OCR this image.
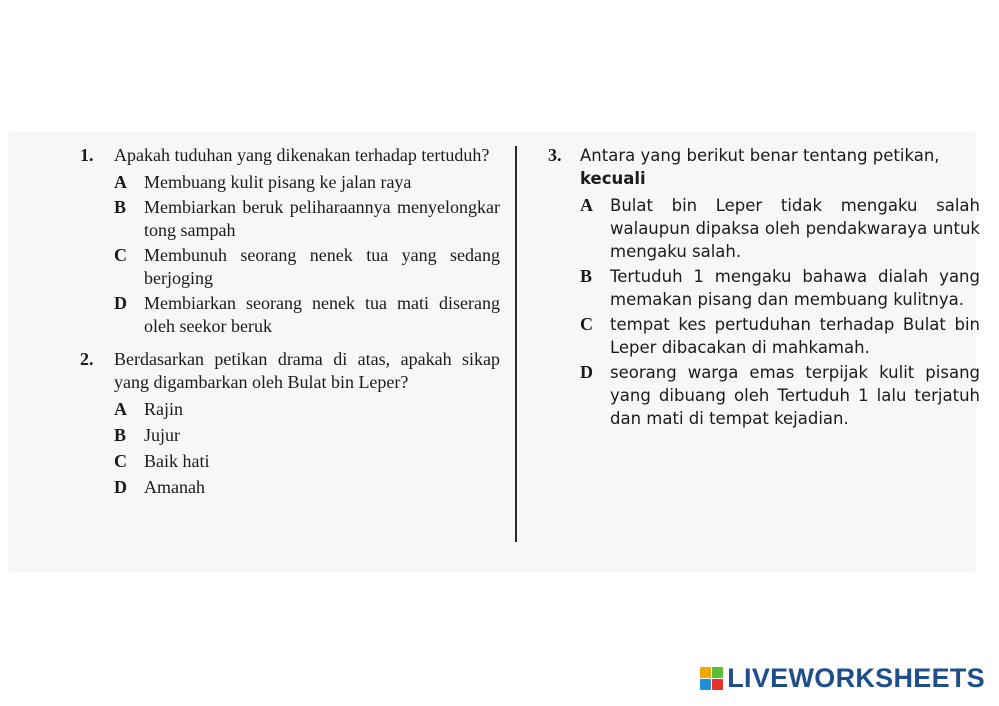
1. Apakah tuduhan yang dikenakan terhadap tertuduh?
A Membuang kulit pisang ke jalan raya
B Membiarkan beruk peliharaannya menyelongkar tong sampah
C Membunuh seorang nenek tua yang sedang berjoging
D Membiarkan seorang nenek tua mati diserang oleh seekor beruk
2. Berdasarkan petikan drama di atas, apakah sikap yang digambarkan oleh Bulat bin Leper?
A Rajin
B Jujur
C Baik hati
D Amanah
3. Antara yang berikut benar tentang petikan,
kecuali
A Bulat bin Leper tidak mengaku salah walaupun dipaksa oleh pendakwaraya untuk mengaku salah.
B Tertuduh 1 mengaku bahawa dialah yang memakan pisang dan membuang kulitnya.
C tempat kes pertuduhan terhadap Bulat bin Leper dibacakan di mahkamah.
D seorang warga emas terpijak kulit pisang yang dibuang oleh Tertuduh 1 lalu terjatuh dan mati di tempat kejadian.
LIVEWORKSHEETS
